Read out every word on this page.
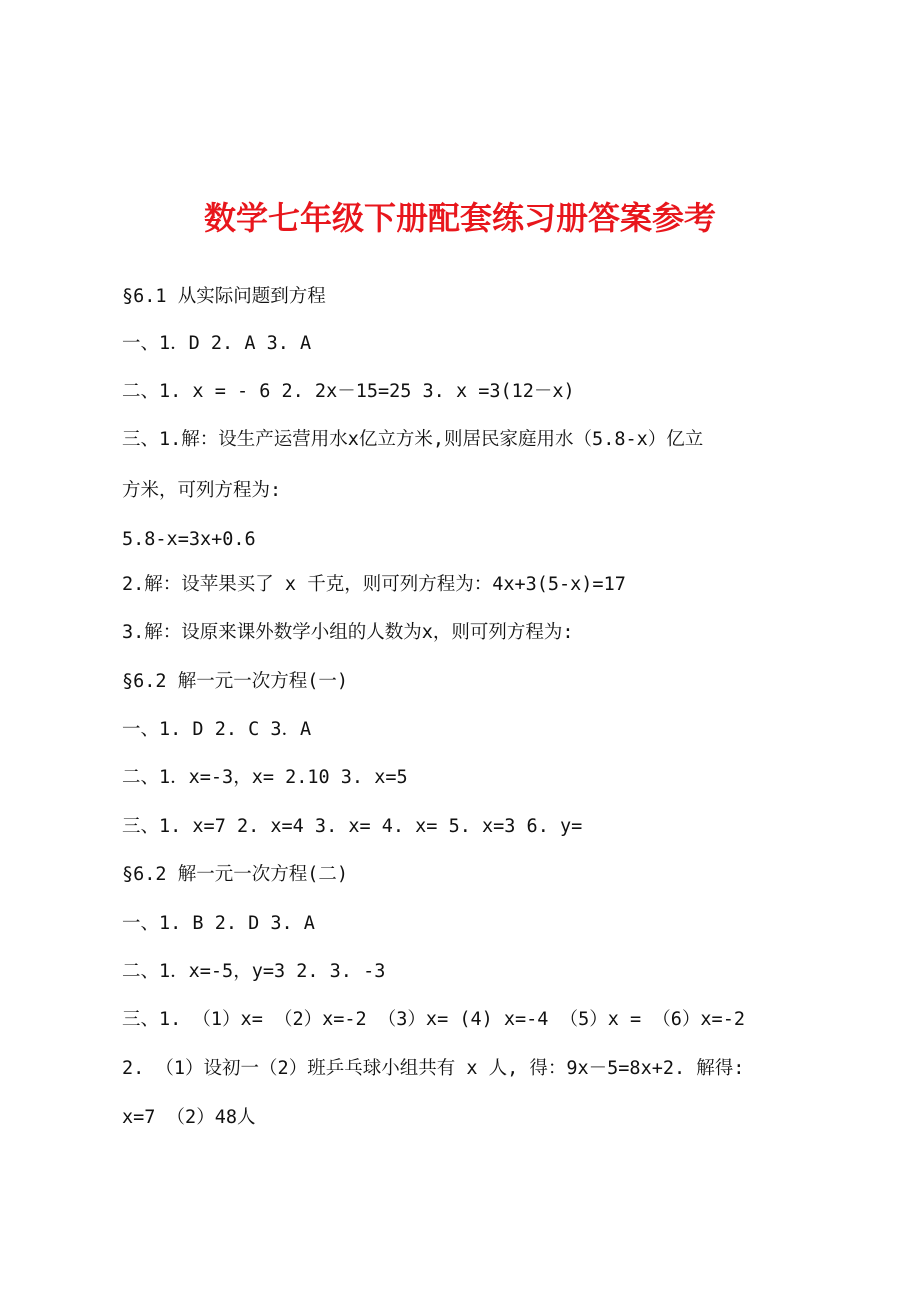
数学七年级下册配套练习册答案参考
§6.1 从实际问题到方程
一、1．D 2. A 3. A
二、1. x = - 6 2. 2x－15=25 3. x =3(12－x)
三、1.解：设生产运营用水x亿立方米,则居民家庭用水（5.8-x）亿立
方米，可列方程为:
5.8-x=3x+0.6
2.解：设苹果买了 x 千克，则可列方程为：4x+3(5-x)=17
3.解：设原来课外数学小组的人数为x，则可列方程为:
§6.2 解一元一次方程(一)
一、1. D 2. C 3．A
二、1．x=-3，x= 2.10 3. x=5
三、1. x=7 2. x=4 3. x= 4. x= 5. x=3 6. y=
§6.2 解一元一次方程(二)
一、1. B 2. D 3. A
二、1．x=-5，y=3 2. 3. -3
三、1. （1）x= （2）x=-2 （3）x= (4) x=-4 （5）x = （6）x=-2
2. （1）设初一（2）班乒乓球小组共有 x 人, 得：9x－5=8x+2. 解得:
x=7 （2）48人
